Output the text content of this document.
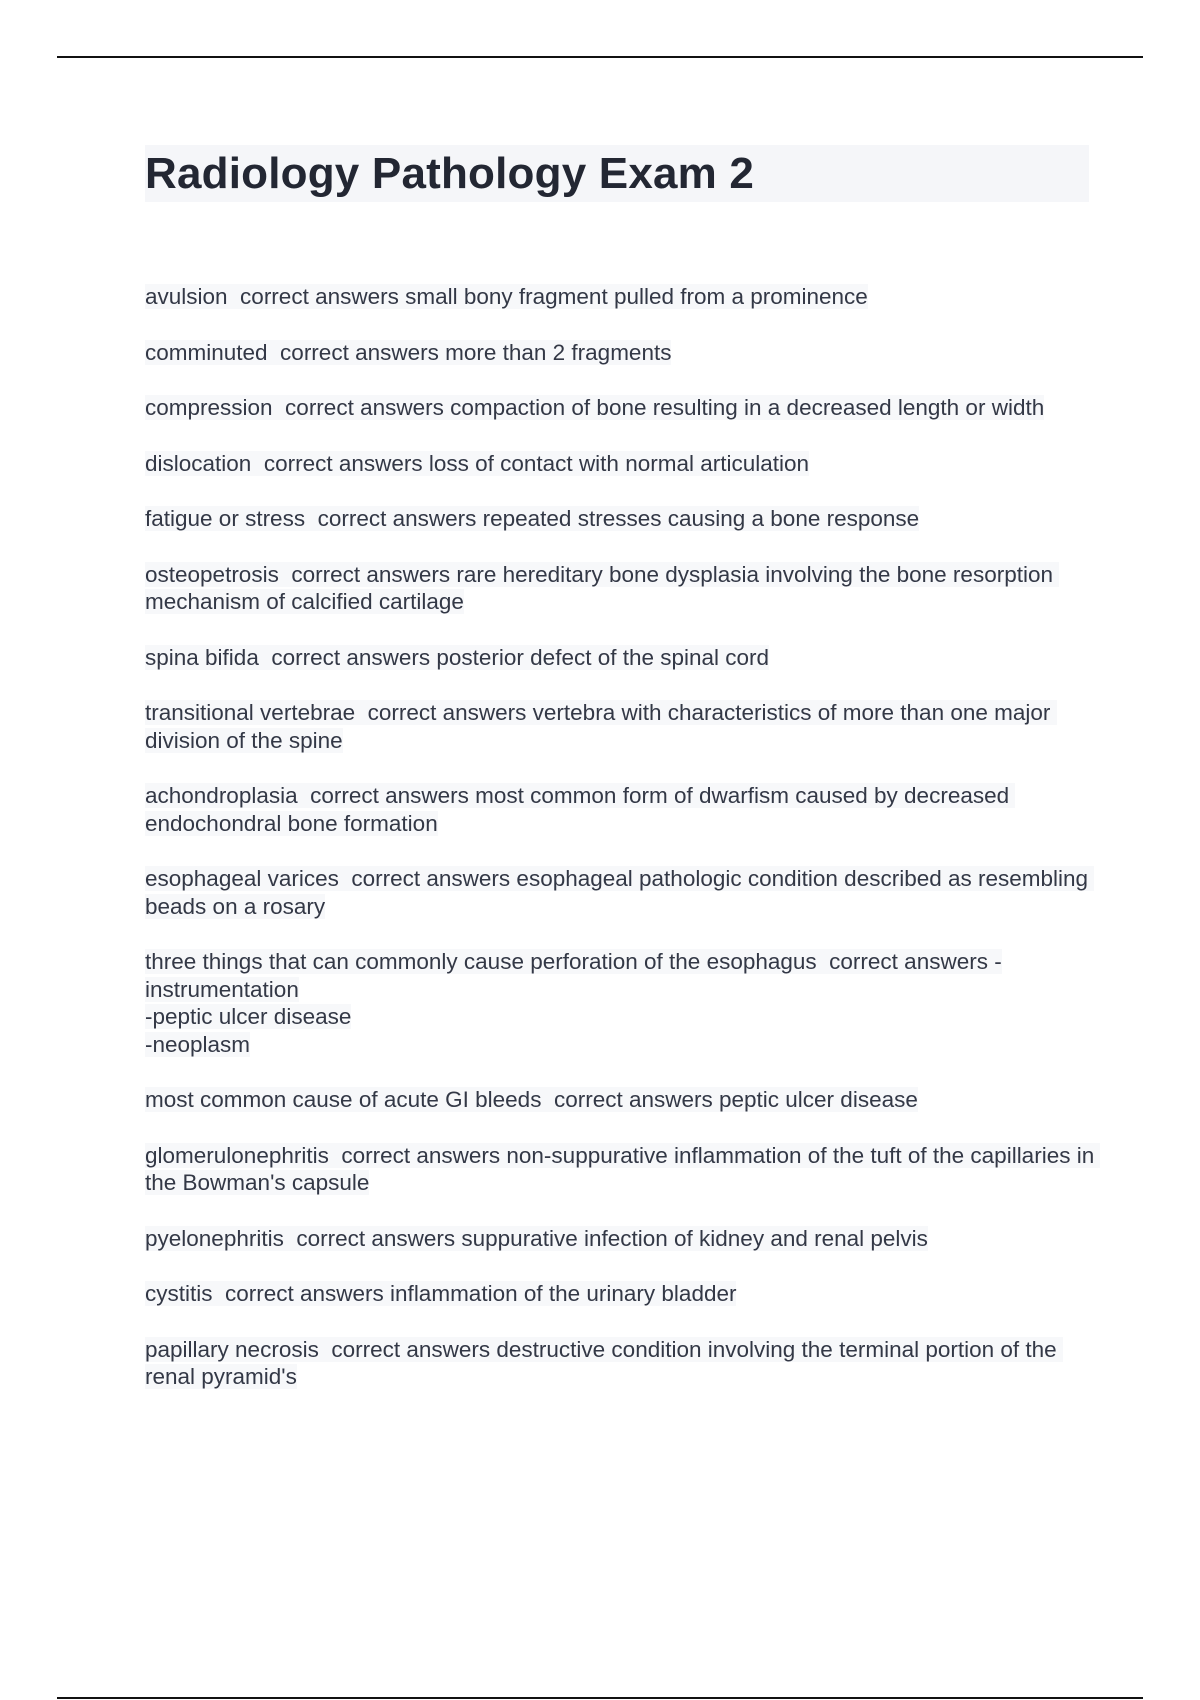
Radiology Pathology Exam 2
avulsion  correct answers small bony fragment pulled from a prominence
comminuted  correct answers more than 2 fragments
compression  correct answers compaction of bone resulting in a decreased length or width
dislocation  correct answers loss of contact with normal articulation
fatigue or stress  correct answers repeated stresses causing a bone response
osteopetrosis  correct answers rare hereditary bone dysplasia involving the bone resorption mechanism of calcified cartilage
spina bifida  correct answers posterior defect of the spinal cord
transitional vertebrae  correct answers vertebra with characteristics of more than one major division of the spine
achondroplasia  correct answers most common form of dwarfism caused by decreased endochondral bone formation
esophageal varices  correct answers esophageal pathologic condition described as resembling beads on a rosary
three things that can commonly cause perforation of the esophagus  correct answers -instrumentation
-peptic ulcer disease
-neoplasm
most common cause of acute GI bleeds  correct answers peptic ulcer disease
glomerulonephritis  correct answers non-suppurative inflammation of the tuft of the capillaries in the Bowman's capsule
pyelonephritis  correct answers suppurative infection of kidney and renal pelvis
cystitis  correct answers inflammation of the urinary bladder
papillary necrosis  correct answers destructive condition involving the terminal portion of the renal pyramid's
